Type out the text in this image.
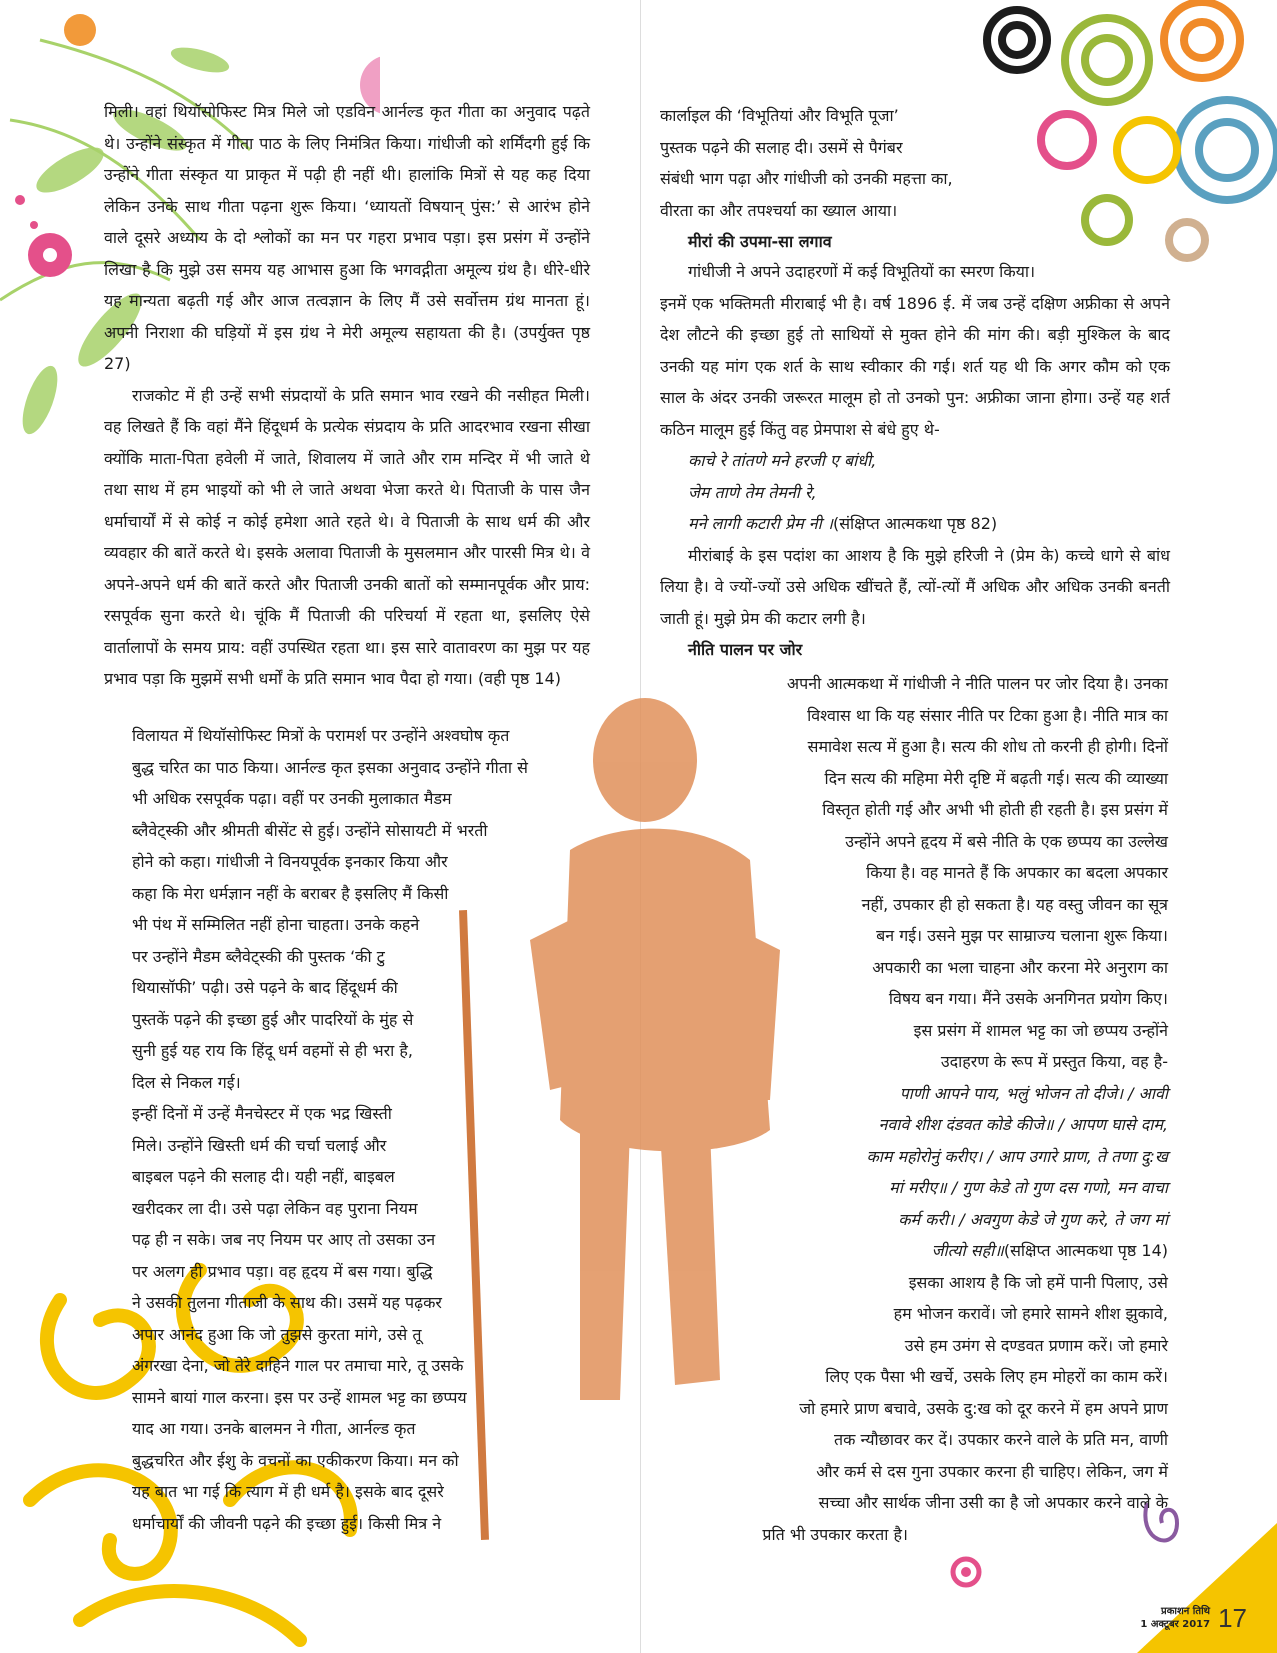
मिली। वहां थियॉसोफिस्ट मित्र मिले जो एडविन आर्नल्ड कृत गीता का अनुवाद पढ़ते थे। उन्होंने संस्कृत में गीता पाठ के लिए निमंत्रित किया। गांधीजी को शर्मिंदगी हुई कि उन्होंने गीता संस्कृत या प्राकृत में पढ़ी ही नहीं थी। हालांकि मित्रों से यह कह दिया लेकिन उनके साथ गीता पढ़ना शुरू किया। ‘ध्यायतों विषयान् पुंस:’ से आरंभ होने वाले दूसरे अध्याय के दो श्लोकों का मन पर गहरा प्रभाव पड़ा। इस प्रसंग में उन्होंने लिखा है कि मुझे उस समय यह आभास हुआ कि भगवद्गीता अमूल्य ग्रंथ है। धीरे-धीरे यह मान्यता बढ़ती गई और आज तत्वज्ञान के लिए मैं उसे सर्वोत्तम ग्रंथ मानता हूं। अपनी निराशा की घड़ियों में इस ग्रंथ ने मेरी अमूल्य सहायता की है। (उपर्युक्त पृष्ठ 27)

राजकोट में ही उन्हें सभी संप्रदायों के प्रति समान भाव रखने की नसीहत मिली। वह लिखते हैं कि वहां मैंने हिंदूधर्म के प्रत्येक संप्रदाय के प्रति आदरभाव रखना सीखा क्योंकि माता-पिता हवेली में जाते, शिवालय में जाते और राम मन्दिर में भी जाते थे तथा साथ में हम भाइयों को भी ले जाते अथवा भेजा करते थे। पिताजी के पास जैन धर्माचार्यों में से कोई न कोई हमेशा आते रहते थे। वे पिताजी के साथ धर्म की और व्यवहार की बातें करते थे। इसके अलावा पिताजी के मुसलमान और पारसी मित्र थे। वे अपने-अपने धर्म की बातें करते और पिताजी उनकी बातों को सम्मानपूर्वक और प्राय: रसपूर्वक सुना करते थे। चूंकि मैं पिताजी की परिचर्या में रहता था, इसलिए ऐसे वार्तालापों के समय प्राय: वहीं उपस्थित रहता था। इस सारे वातावरण का मुझ पर यह प्रभाव पड़ा कि मुझमें सभी धर्मों के प्रति समान भाव पैदा हो गया। (वही पृष्ठ 14)

विलायत में थियॉसोफिस्ट मित्रों के परामर्श पर उन्होंने अश्वघोष कृत
बुद्ध चरित का पाठ किया। आर्नल्ड कृत इसका अनुवाद उन्होंने गीता से
भी अधिक रसपूर्वक पढ़ा। वहीं पर उनकी मुलाकात मैडम
ब्लैवेट्स्की और श्रीमती बीसेंट से हुई। उन्होंने सोसायटी में भरती
होने को कहा। गांधीजी ने विनयपूर्वक इनकार किया और
कहा कि मेरा धर्मज्ञान नहीं के बराबर है इसलिए मैं किसी
भी पंथ में सम्मिलित नहीं होना चाहता। उनके कहने
पर उन्होंने मैडम ब्लैवेट्स्की की पुस्तक ‘की टु
थियासॉफी’ पढ़ी। उसे पढ़ने के बाद हिंदूधर्म की
पुस्तकें पढ़ने की इच्छा हुई और पादरियों के मुंह से
सुनी हुई यह राय कि हिंदू धर्म वहमों से ही भरा है,
दिल से निकल गई।

इन्हीं दिनों में उन्हें मैनचेस्टर में एक भद्र खिस्ती
मिले। उन्होंने खिस्ती धर्म की चर्चा चलाई और
बाइबल पढ़ने की सलाह दी। यही नहीं, बाइबल
खरीदकर ला दी। उसे पढ़ा लेकिन वह पुराना नियम
पढ़ ही न सके। जब नए नियम पर आए तो उसका उन
पर अलग ही प्रभाव पड़ा। वह हृदय में बस गया। बुद्धि
ने उसकी तुलना गीताजी के साथ की। उसमें यह पढ़कर
अपार आनंद हुआ कि जो तुझसे कुरता मांगे, उसे तू
अंगरखा देना, जो तेरे दाहिने गाल पर तमाचा मारे, तू उसके
सामने बायां गाल करना। इस पर उन्हें शामल भट्ट का छप्पय
याद आ गया। उनके बालमन ने गीता, आर्नल्ड कृत
बुद्धचरित और ईशु के वचनों का एकीकरण किया। मन को
यह बात भा गई कि त्याग में ही धर्म है। इसके बाद दूसरे
धर्माचार्यों की जीवनी पढ़ने की इच्छा हुई। किसी मित्र ने

कार्लाइल की ‘विभूतियां और विभूति पूजा’
पुस्तक पढ़ने की सलाह दी। उसमें से पैगंबर
संबंधी भाग पढ़ा और गांधीजी को उनकी महत्ता का,
वीरता का और तपश्चर्या का ख्याल आया।

मीरां की उपमा-सा लगाव

गांधीजी ने अपने उदाहरणों में कई विभूतियों का स्मरण किया।

इनमें एक भक्तिमती मीराबाई भी है। वर्ष 1896 ई. में जब उन्हें दक्षिण अफ्रीका से अपने देश लौटने की इच्छा हुई तो साथियों से मुक्त होने की मांग की। बड़ी मुश्किल के बाद उनकी यह मांग एक शर्त के साथ स्वीकार की गई। शर्त यह थी कि अगर कौम को एक साल के अंदर उनकी जरूरत मालूम हो तो उनको पुन: अफ्रीका जाना होगा। उन्हें यह शर्त कठिन मालूम हुई किंतु वह प्रेमपाश से बंधे हुए थे-

काचे रे तांतणे मने हरजी ए बांधी,
जेम ताणे तेम तेमनी रे,
मने लागी कटारी प्रेम नी ।(संक्षिप्त आत्मकथा पृष्ठ 82)

मीरांबाई के इस पदांश का आशय है कि मुझे हरिजी ने (प्रेम के) कच्चे धागे से बांध लिया है। वे ज्यों-ज्यों उसे अधिक खींचते हैं, त्यों-त्यों मैं अधिक और अधिक उनकी बनती जाती हूं। मुझे प्रेम की कटार लगी है।

नीति पालन पर जोर

अपनी आत्मकथा में गांधीजी ने नीति पालन पर जोर दिया है। उनका
विश्वास था कि यह संसार नीति पर टिका हुआ है। नीति मात्र का
समावेश सत्य में हुआ है। सत्य की शोध तो करनी ही होगी। दिनों
दिन सत्य की महिमा मेरी दृष्टि में बढ़ती गई। सत्य की व्याख्या
विस्तृत होती गई और अभी भी होती ही रहती है। इस प्रसंग में
उन्होंने अपने हृदय में बसे नीति के एक छप्पय का उल्लेख
किया है। वह मानते हैं कि अपकार का बदला अपकार
नहीं, उपकार ही हो सकता है। यह वस्तु जीवन का सूत्र
बन गई। उसने मुझ पर साम्राज्य चलाना शुरू किया।
अपकारी का भला चाहना और करना मेरे अनुराग का
विषय बन गया। मैंने उसके अनगिनत प्रयोग किए।
इस प्रसंग में शामल भट्ट का जो छप्पय उन्होंने
उदाहरण के रूप में प्रस्तुत किया, वह है-
पाणी आपने पाय, भलुं भोजन तो दीजे। / आवी
नवावे शीश दंडवत कोडे कीजे॥ / आपण घासे दाम,
काम महोरोनुं करीए। / आप उगारे प्राण, ते तणा दु:ख
मां मरीए॥ / गुण केडे तो गुण दस गणो, मन वाचा
कर्म करी। / अवगुण केडे जे गुण करे, ते जग मां
जीत्यो सही॥(सक्षिप्त आत्मकथा पृष्ठ 14)
इसका आशय है कि जो हमें पानी पिलाए, उसे
हम भोजन करावें। जो हमारे सामने शीश झुकावे,
उसे हम उमंग से दण्डवत प्रणाम करें। जो हमारे
लिए एक पैसा भी खर्चे, उसके लिए हम मोहरों का काम करें।
जो हमारे प्राण बचावे, उसके दु:ख को दूर करने में हम अपने प्राण
तक न्यौछावर कर दें। उपकार करने वाले के प्रति मन, वाणी
और कर्म से दस गुना उपकार करना ही चाहिए। लेकिन, जग में
सच्चा और सार्थक जीना उसी का है जो अपकार करने वाले के
प्रति भी उपकार करता है।
प्रकाशन तिथि
1 अक्टूबर 2017 17
